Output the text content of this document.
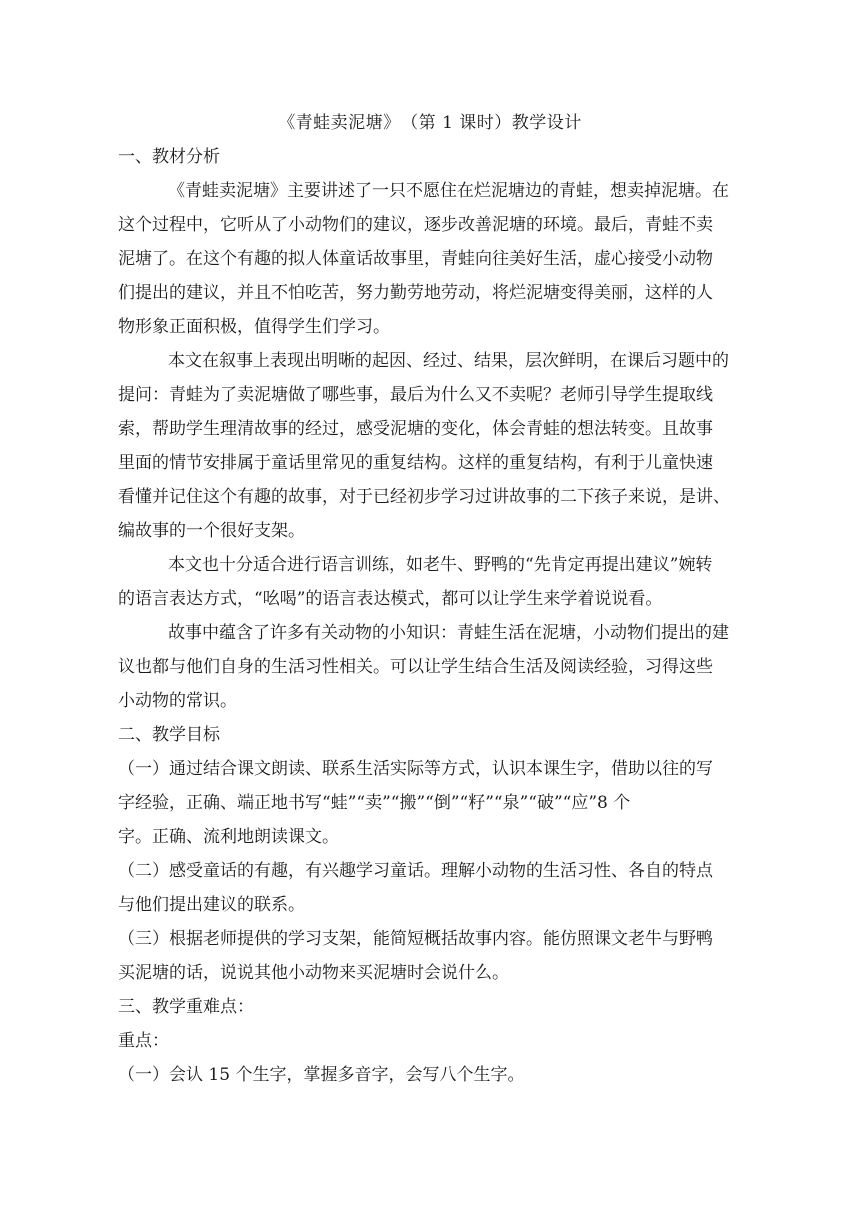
《青蛙卖泥塘》　（第 1 课时）教学设计

一、教材分析

《青蛙卖泥塘》主要讲述了一只不愿住在烂泥塘边的青蛙，想卖掉泥塘。在

这个过程中，它听从了小动物们的建议，逐步改善泥塘的环境。最后，青蛙不卖

泥塘了。在这个有趣的拟人体童话故事里，青蛙向往美好生活，虚心接受小动物

们提出的建议，并且不怕吃苦，努力勤劳地劳动，将烂泥塘变得美丽，这样的人

物形象正面积极，值得学生们学习。

本文在叙事上表现出明晰的起因、经过、结果，层次鲜明，在课后习题中的

提问：青蛙为了卖泥塘做了哪些事，最后为什么又不卖呢？老师引导学生提取线

索，帮助学生理清故事的经过，感受泥塘的变化，体会青蛙的想法转变。且故事

里面的情节安排属于童话里常见的重复结构。这样的重复结构，有利于儿童快速

看懂并记住这个有趣的故事，对于已经初步学习过讲故事的二下孩子来说，是讲、

编故事的一个很好支架。

本文也十分适合进行语言训练，如老牛、野鸭的“先肯定再提出建议”婉转

的语言表达方式，“吆喝”的语言表达模式，都可以让学生来学着说说看。

故事中蕴含了许多有关动物的小知识：青蛙生活在泥塘，小动物们提出的建

议也都与他们自身的生活习性相关。可以让学生结合生活及阅读经验，习得这些

小动物的常识。

二、教学目标

（一）通过结合课文朗读、联系生活实际等方式，认识本课生字，借助以往的写

字经验，正确、端正地书写“蛙”“卖”“搬”“倒”“籽”“泉”“破”“应”8 个

字。正确、流利地朗读课文。

（二）感受童话的有趣，有兴趣学习童话。理解小动物的生活习性、各自的特点

与他们提出建议的联系。

（三）根据老师提供的学习支架，能简短概括故事内容。能仿照课文老牛与野鸭

买泥塘的话，说说其他小动物来买泥塘时会说什么。

三、教学重难点：

重点：

（一）会认 15 个生字，掌握多音字，会写八个生字。
